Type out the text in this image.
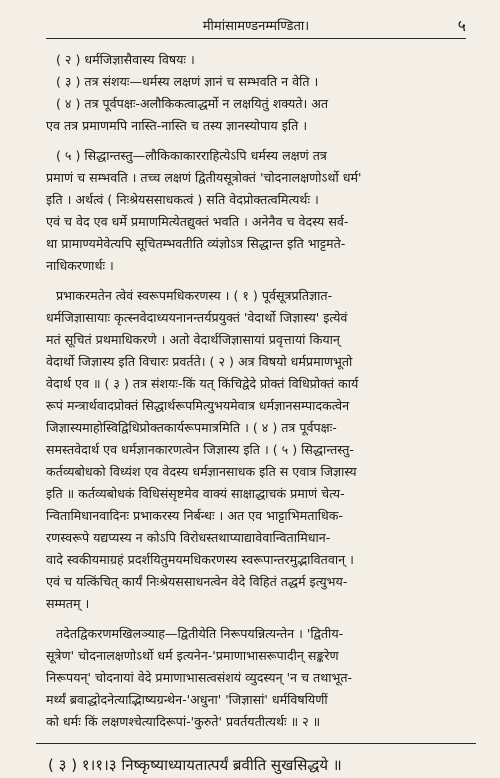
मीमांसामण्डनम्मण्डिता।	५
( २ ) धर्मजिज्ञासैवास्य विषयः ।
( ३ ) तत्र संशयः—धर्मस्य लक्षणं ज्ञानं च सम्भवति न वेति ।
( ४ ) तत्र पूर्वपक्षः-अलौकिकत्वाद्धर्मो न लक्षयितुं शक्यते। अत
एव तत्र प्रमाणमपि नास्ति-नास्ति च तस्य ज्ञानस्योपाय इति ।
( ५ ) सिद्धान्तस्तु—लौकिकाकारराहित्येऽपि धर्मस्य लक्षणं तत्र
प्रमाणं च सम्भवति । तच्च लक्षणं द्वितीयसूत्रोक्तं 'चोदनालक्षणोऽर्थो धर्म'
इति । अर्थत्वं ( निःश्रेयससाधकत्वं ) सति वेदप्रोक्तत्वमित्यर्थः ।
एवं च वेद एव धर्मे प्रमाणमित्येतद्युक्तं भवति । अनेनैव च वेदस्य सर्व-
था प्रामाण्यमेवेत्यपि सूचितम्भवतीति व्यंज्ञोऽत्र सिद्धान्त इति भाट्टमते-
नाधिकरणार्थः ।
प्रभाकरमतेन त्वेवं स्वरूपमधिकरणस्य । ( १ ) पूर्वसूत्रप्रतिज्ञात-
धर्मजिज्ञासायाः कृत्स्नवेदाध्ययनानन्तर्यप्रयुक्तं 'वेदार्थो जिज्ञास्य' इत्येवं
मतं सूचितं प्रथमाधिकरणे । अतो वेदार्थजिज्ञासायां प्रवृत्तायां कियान्
वेदार्थो जिज्ञास्य इति विचारः प्रवर्तते। ( २ ) अत्र विषयो धर्मप्रमाणभूतो
वेदार्थ एव ॥ ( ३ ) तत्र संशयः-किं यत् किंचिद्वेदे प्रोक्तं विधिप्रोक्तं कार्य
रूपं मन्त्रार्थवादप्रोक्तं सिद्धार्थरूपमित्युभयमेवात्र धर्मज्ञानसम्पादकत्वेन
जिज्ञास्यमाहोस्विद्विधिप्रोक्तकार्यरूपमात्रमिति । ( ४ ) तत्र पूर्वपक्षः-
समस्तवेदार्थ एव धर्मज्ञानकारणत्वेन जिज्ञास्य इति । ( ५ ) सिद्धान्तस्तु-
कर्तव्यबोधको विध्यंश एव वेदस्य धर्मज्ञानसाधक इति स एवात्र जिज्ञास्य
इति ॥ कर्तव्यबोधकं विधिसंसृष्टमेव वाक्यं साक्षाद्धाचकं प्रमाणं चेत्य-
न्वितामिधानवादिनः प्रभाकरस्य निर्बन्धः । अत एव भाट्टाभिमताधिक-
रणस्वरूपे यद्यप्यस्य न कोऽपि विरोधस्तथाप्याद्यावेवान्वितामिधान-
वादे स्वकीयमाग्रहं प्रदर्शयितुमयमधिकरणस्य स्वरूपान्तरमुद्भावितवान् ।
एवं च यत्किंचित् कार्यं निःश्रेयससाधनत्वेन वेदे विहितं तद्धर्म इत्युभय-
सम्मतम् ।
तदेतद्विकरणमखिलञ्याह—द्वितीयेति निरूपयन्नित्यन्तेन । 'द्वितीय-
सूत्रेण' चोदनालक्षणोऽर्थो धर्म इत्यनेन-'प्रमाणाभासरूपादीन् सङ्करेण
निरूपयन्' चोदनायां वेदे प्रमाणाभासत्वसंशयं व्युदस्यन् 'न च तथाभूत-
मर्थ्यं ब्रवाद्धोदनेत्याद्भिाष्यग्रन्थेन-'अधुना' 'जिज्ञासां' धर्मविषयिणीं
को धर्मः किं लक्षणश्चेत्यादिरूपां-'कुरुते' प्रवर्तयतीत्यर्थः ॥ २ ॥
( ३ ) १।१।३ निष्कृष्याध्यायतात्पर्यं ब्रवीति सुखसिद्धये ॥
